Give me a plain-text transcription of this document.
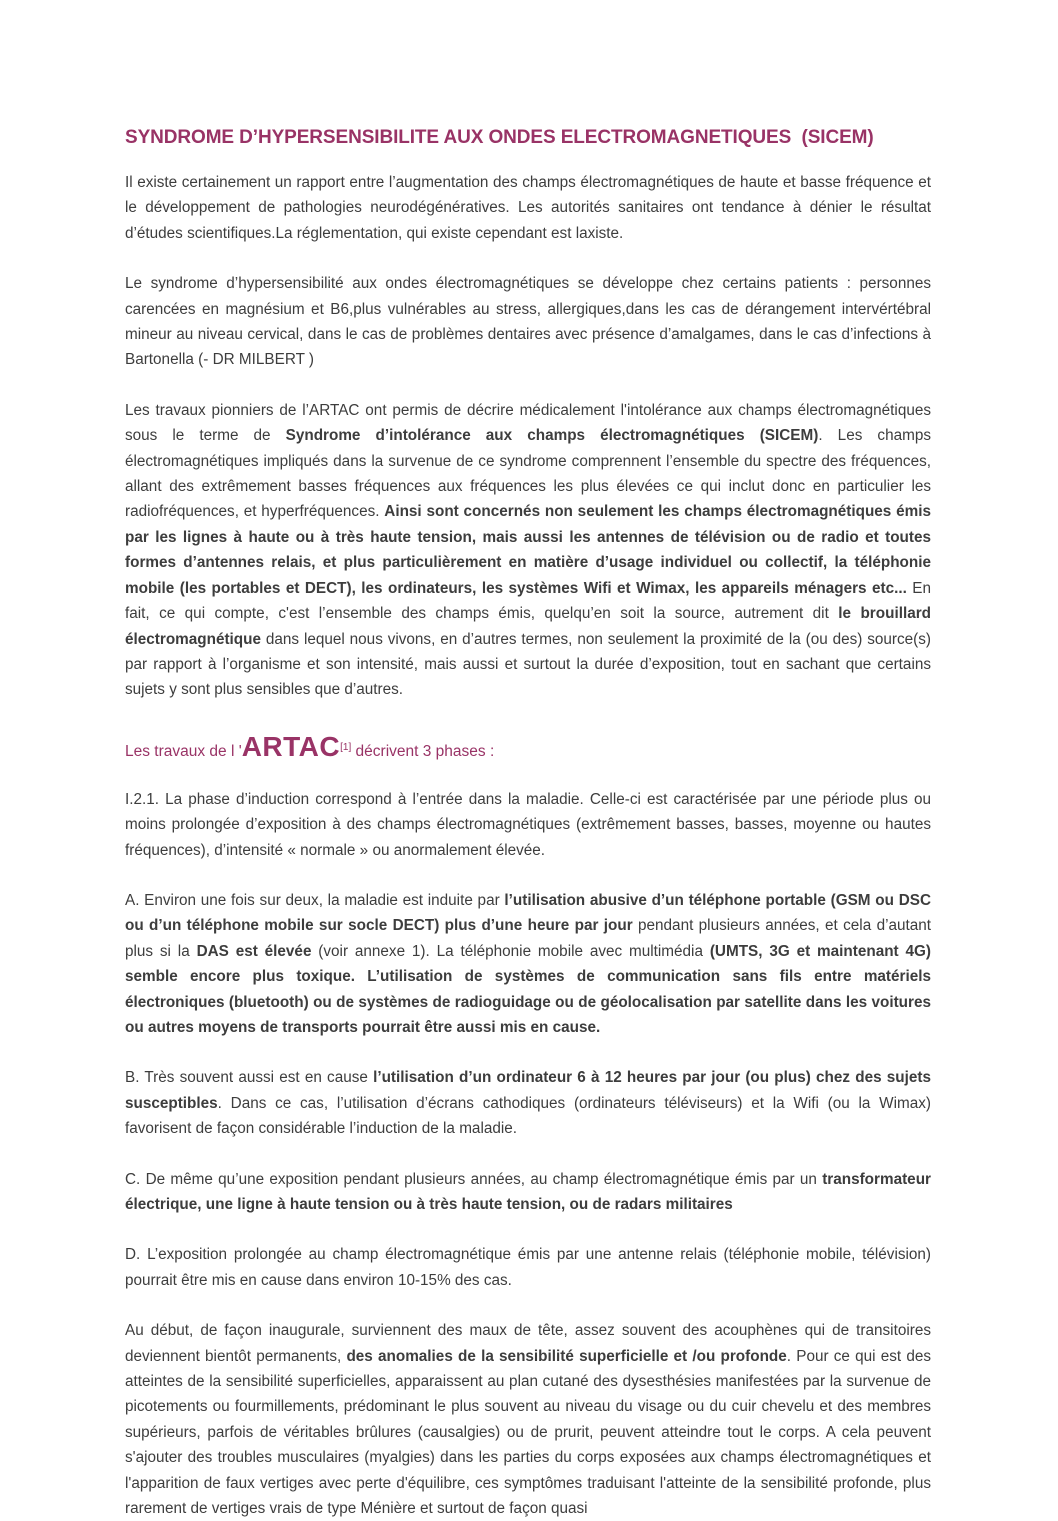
SYNDROME D’HYPERSENSIBILITE AUX ONDES ELECTROMAGNETIQUES  (SICEM)

Il existe certainement un rapport entre l’augmentation des champs électromagnétiques de haute et basse fréquence et le développement de pathologies neurodégénératives. Les autorités sanitaires ont tendance à dénier le résultat d’études scientifiques.La réglementation, qui existe cependant est laxiste.

Le syndrome d’hypersensibilité aux ondes électromagnétiques se développe chez certains patients : personnes carencées en magnésium et B6,plus vulnérables au stress, allergiques,dans les cas de dérangement intervértébral mineur au niveau cervical, dans le cas de problèmes dentaires avec présence d’amalgames, dans le cas d’infections à Bartonella (- DR MILBERT )

Les travaux pionniers de l’ARTAC ont permis de décrire médicalement l'intolérance aux champs électromagnétiques sous le terme de Syndrome d’intolérance aux champs électromagnétiques (SICEM). Les champs électromagnétiques impliqués dans la survenue de ce syndrome comprennent l’ensemble du spectre des fréquences, allant des extrêmement basses fréquences aux fréquences les plus élevées ce qui inclut donc en particulier les radiofréquences, et hyperfréquences. Ainsi sont concernés non seulement les champs électromagnétiques émis par les lignes à haute ou à très haute tension, mais aussi les antennes de télévision ou de radio et toutes formes d’antennes relais, et plus particulièrement en matière d’usage individuel ou collectif, la téléphonie mobile (les portables et DECT), les ordinateurs, les systèmes Wifi et Wimax, les appareils ménagers etc... En fait, ce qui compte, c'est l’ensemble des champs émis, quelqu’en soit la source, autrement dit le brouillard électromagnétique dans lequel nous vivons, en d’autres termes, non seulement la proximité de la (ou des) source(s) par rapport à l’organisme et son intensité, mais aussi et surtout la durée d’exposition, tout en sachant que certains sujets y sont plus sensibles que d’autres.

Les travaux de l 'ARTAC[1] décrivent 3 phases :

I.2.1. La phase d’induction correspond à l’entrée dans la maladie. Celle-ci est caractérisée par une période plus ou moins prolongée d’exposition à des champs électromagnétiques (extrêmement basses, basses, moyenne ou hautes fréquences), d’intensité « normale » ou anormalement élevée.

A. Environ une fois sur deux, la maladie est induite par l’utilisation abusive d’un téléphone portable (GSM ou DSC ou d’un téléphone mobile sur socle DECT) plus d’une heure par jour pendant plusieurs années, et cela d’autant plus si la DAS est élevée (voir annexe 1). La téléphonie mobile avec multimédia (UMTS, 3G et maintenant 4G) semble encore plus toxique. L’utilisation de systèmes de communication sans fils entre matériels électroniques (bluetooth) ou de systèmes de radioguidage ou de géolocalisation par satellite dans les voitures ou autres moyens de transports pourrait être aussi mis en cause.

B. Très souvent aussi est en cause l’utilisation d’un ordinateur 6 à 12 heures par jour (ou plus) chez des sujets susceptibles. Dans ce cas, l’utilisation d’écrans cathodiques (ordinateurs téléviseurs) et la Wifi (ou la Wimax) favorisent de façon considérable l’induction de la maladie.

C. De même qu’une exposition pendant plusieurs années, au champ électromagnétique émis par un transformateur électrique, une ligne à haute tension ou à très haute tension, ou de radars militaires

D. L’exposition prolongée au champ électromagnétique émis par une antenne relais (téléphonie mobile, télévision) pourrait être mis en cause dans environ 10-15% des cas.

Au début, de façon inaugurale, surviennent des maux de tête, assez souvent des acouphènes qui de transitoires deviennent bientôt permanents, des anomalies de la sensibilité superficielle et /ou profonde. Pour ce qui est des atteintes de la sensibilité superficielles, apparaissent au plan cutané des dysesthésies manifestées par la survenue de picotements ou fourmillements, prédominant le plus souvent au niveau du visage ou du cuir chevelu et des membres supérieurs, parfois de véritables brûlures (causalgies) ou de prurit, peuvent atteindre tout le corps. A cela peuvent s'ajouter des troubles musculaires (myalgies) dans les parties du corps exposées aux champs électromagnétiques et l'apparition de faux vertiges avec perte d'équilibre, ces symptômes traduisant l'atteinte de la sensibilité profonde, plus rarement de vertiges vrais de type Ménière et surtout de façon quasi
